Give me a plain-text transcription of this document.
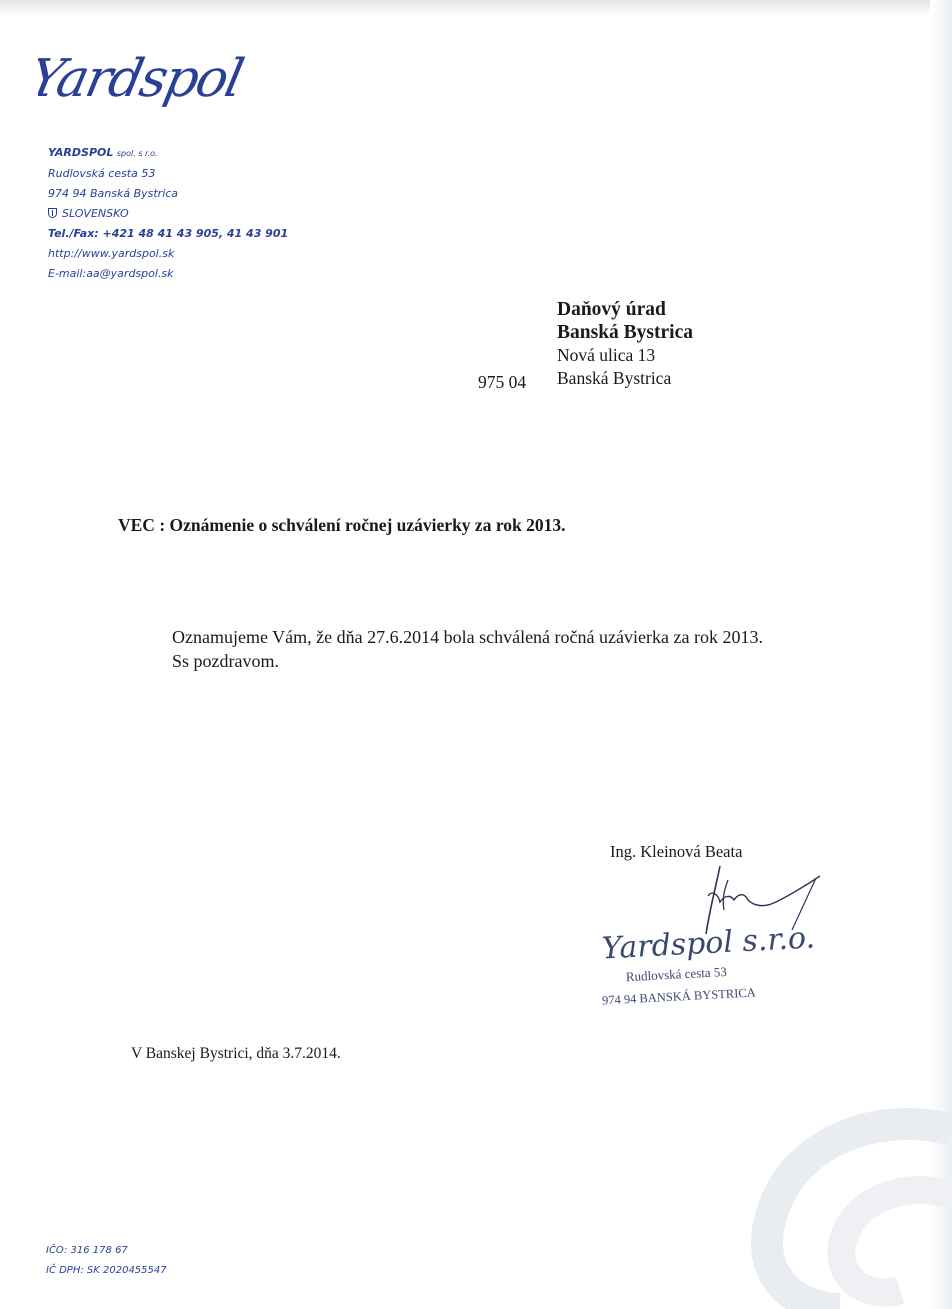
Yardspol
YARDSPOL spol. s r.o.
Rudlovská cesta 53
974 94 Banská Bystrica
SLOVENSKO
Tel./Fax: +421 48 41 43 905, 41 43 901
http://www.yardspol.sk
E-mail:aa@yardspol.sk
Daňový úrad
Banská Bystrica
Nová ulica 13
Banská Bystrica
975 04
VEC : Oznámenie o schválení ročnej uzávierky za rok 2013.

Oznamujeme Vám, že dňa 27.6.2014 bola schválená ročná uzávierka za rok 2013.

Ss pozdravom.

Ing. Kleinová Beata
Yardspol s.r.o.
Rudlovská cesta 53
974 94 BANSKÁ BYSTRICA
V Banskej Bystrici, dňa 3.7.2014.
IČO: 316 178 67
IČ DPH: SK 2020455547
